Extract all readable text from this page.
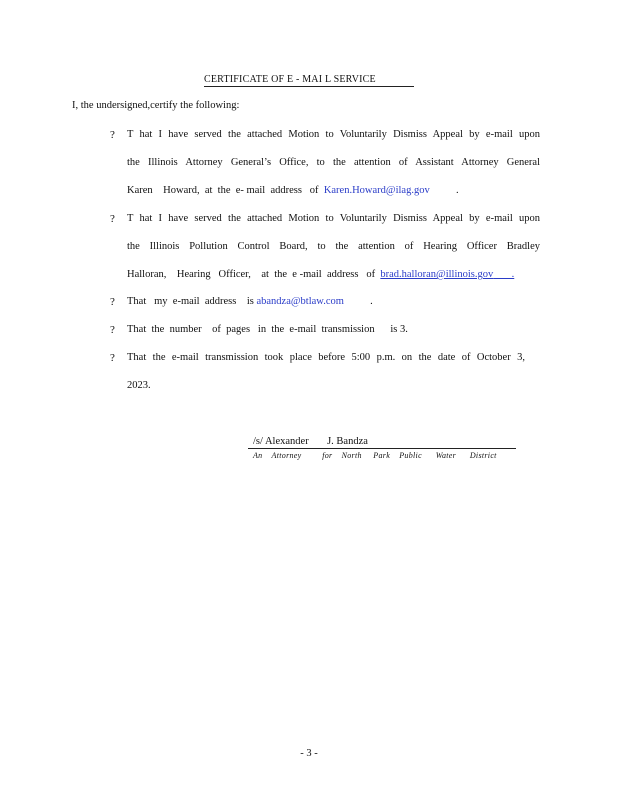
CERTIFICATE OF E - MAI L SERVICE
I, the undersigned,certify the following:
?	T hat I have served the attached Motion to Voluntarily Dismiss Appeal by e-mail upon
the Illinois Attorney General’s Office, to the attention of Assistant Attorney General
Karen    Howard,  at  the  e- mail  address   of  Karen.Howard@ilag.gov          .
?	T hat I have served the attached Motion to Voluntarily Dismiss Appeal by e-mail upon
the Illinois Pollution Control Board, to the attention of Hearing Officer Bradley
Halloran,    Hearing   Officer,    at  the  e -mail  address   of  brad.halloran@illinois.gov       .
?	That   my  e-mail  address    is abandza@btlaw.com          .
?	That  the  number    of  pages   in  the  e-mail  transmission      is 3.
?	That the e-mail transmission took place before 5:00 p.m. on the date of October 3,
2023.
/s/ Alexander       J. Bandza
An    Attorney         for    North     Park    Public      Water      District
- 3 -
